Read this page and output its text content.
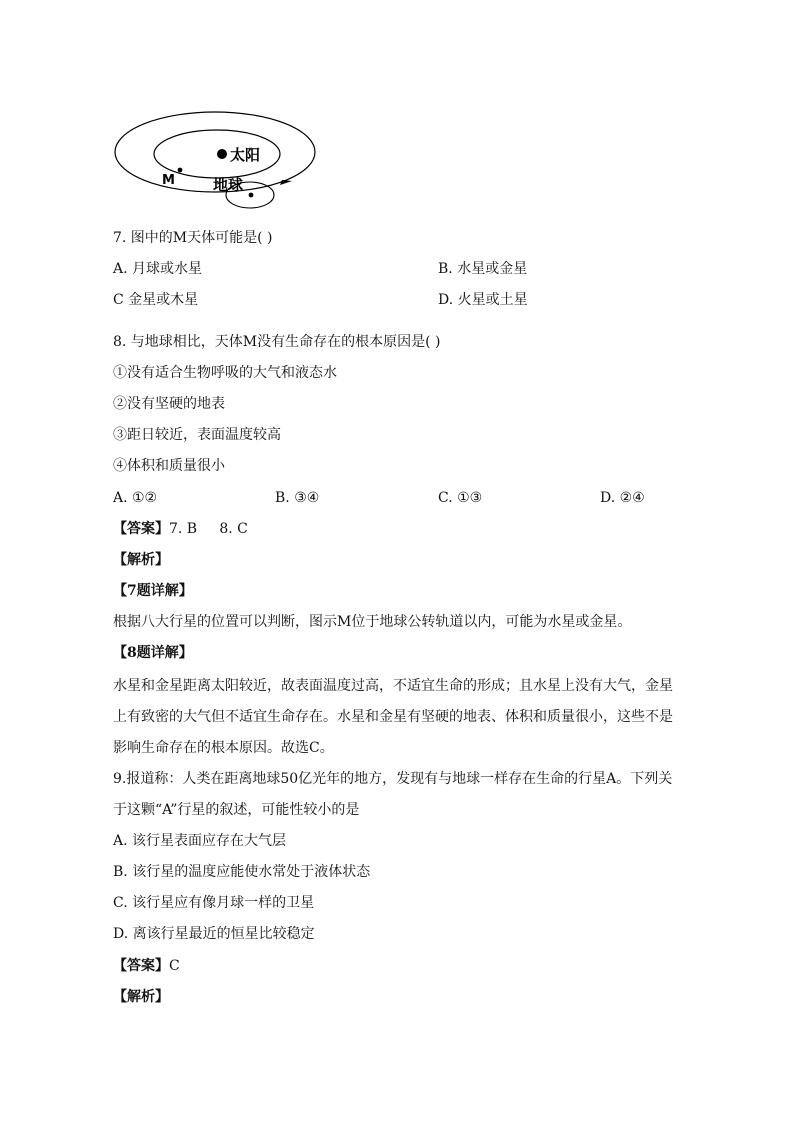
太阳
M	地球
7. 图中的M天体可能是( )
A. 月球或水星	B. 水星或金星
C 金星或木星	D. 火星或土星
8. 与地球相比，天体M没有生命存在的根本原因是( )
①没有适合生物呼吸的大气和液态水
②没有坚硬的地表
③距日较近，表面温度较高
④体积和质量很小
A. ①②	B. ③④	C. ①③	D. ②④
【答案】7. B     8. C
【解析】
【7题详解】
根据八大行星的位置可以判断，图示M位于地球公转轨道以内，可能为水星或金星。
【8题详解】
水星和金星距离太阳较近，故表面温度过高，不适宜生命的形成；且水星上没有大气，金星
上有致密的大气但不适宜生命存在。水星和金星有坚硬的地表、体积和质量很小，这些不是
影响生命存在的根本原因。故选C。
9.报道称：人类在距离地球50亿光年的地方，发现有与地球一样存在生命的行星A。下列关
于这颗“A”行星的叙述，可能性较小的是
A. 该行星表面应存在大气层
B. 该行星的温度应能使水常处于液体状态
C. 该行星应有像月球一样的卫星
D. 离该行星最近的恒星比较稳定
【答案】C
【解析】
